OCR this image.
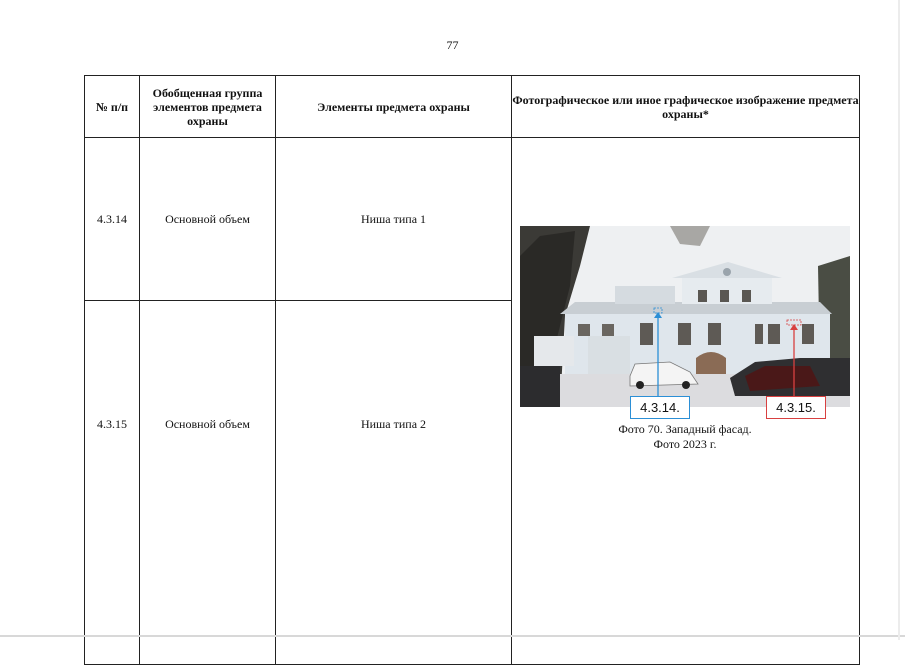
77
№ п/п	Обобщенная группа элементов предмета охраны	Элементы предмета охраны	Фотографическое или иное графическое изображение предмета охраны*
4.3.14	Основной объем	Ниша типа 1	4.3.14. 4.3.15.
Фото 70. Западный фасад.
Фото 2023 г.

4.3.15	Основной объем	Ниша типа 2	
